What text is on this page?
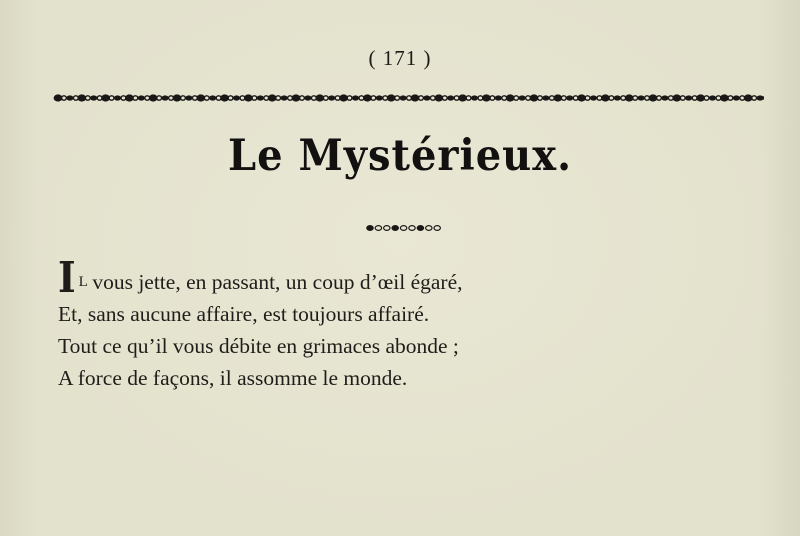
( 171 )
Le Mystérieux.
I L vous jette, en passant, un coup d’œil égaré,
Et, sans aucune affaire, est toujours affairé.
Tout ce qu’il vous débite en grimaces abonde ;
A force de façons, il assomme le monde.
